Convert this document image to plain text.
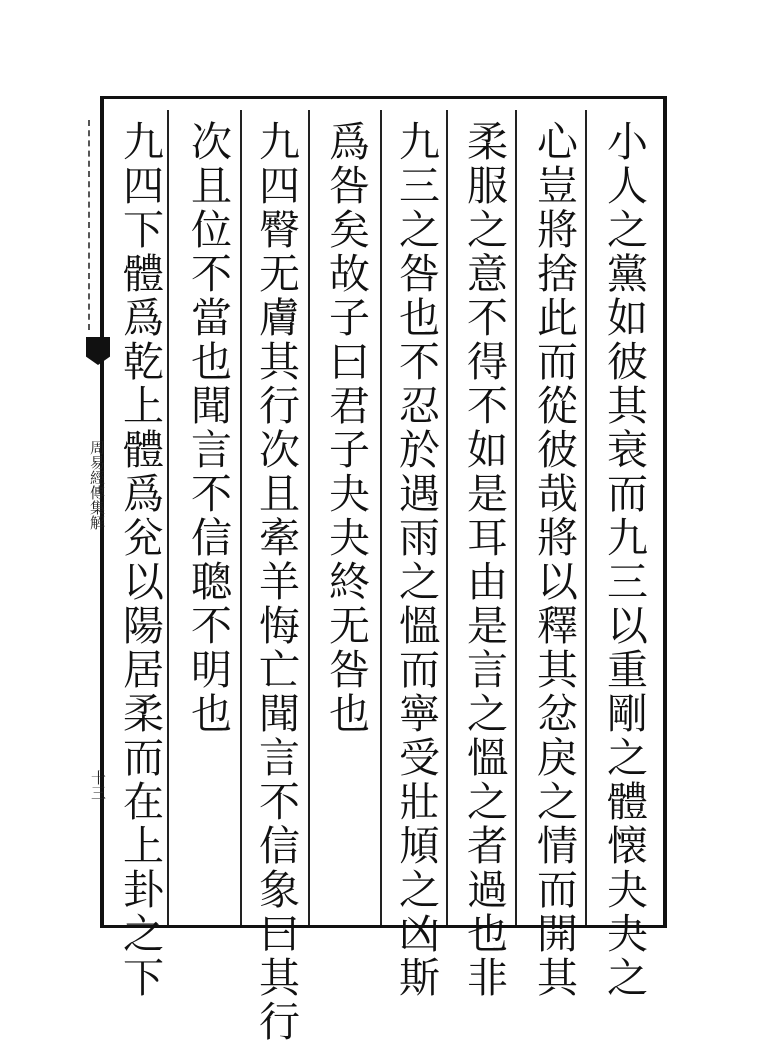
小人之黨如彼其衰而九三以重剛之體懐夬夬之
心豈將捨此而從彼哉將以釋其忿戾之情而開其
柔服之意不得不如是耳由是言之慍之者過也非
九三之咎也不忍於遇雨之慍而寧受壯頄之凶斯
爲咎矣故子曰君子夬夬終无咎也
九四臀无膚其行次且牽羊悔亡聞言不信象曰其行
次且位不當也聞言不信聰不明也
九四下體爲乾上體爲兊以陽居柔而在上卦之下
周易經傳集解
十三
